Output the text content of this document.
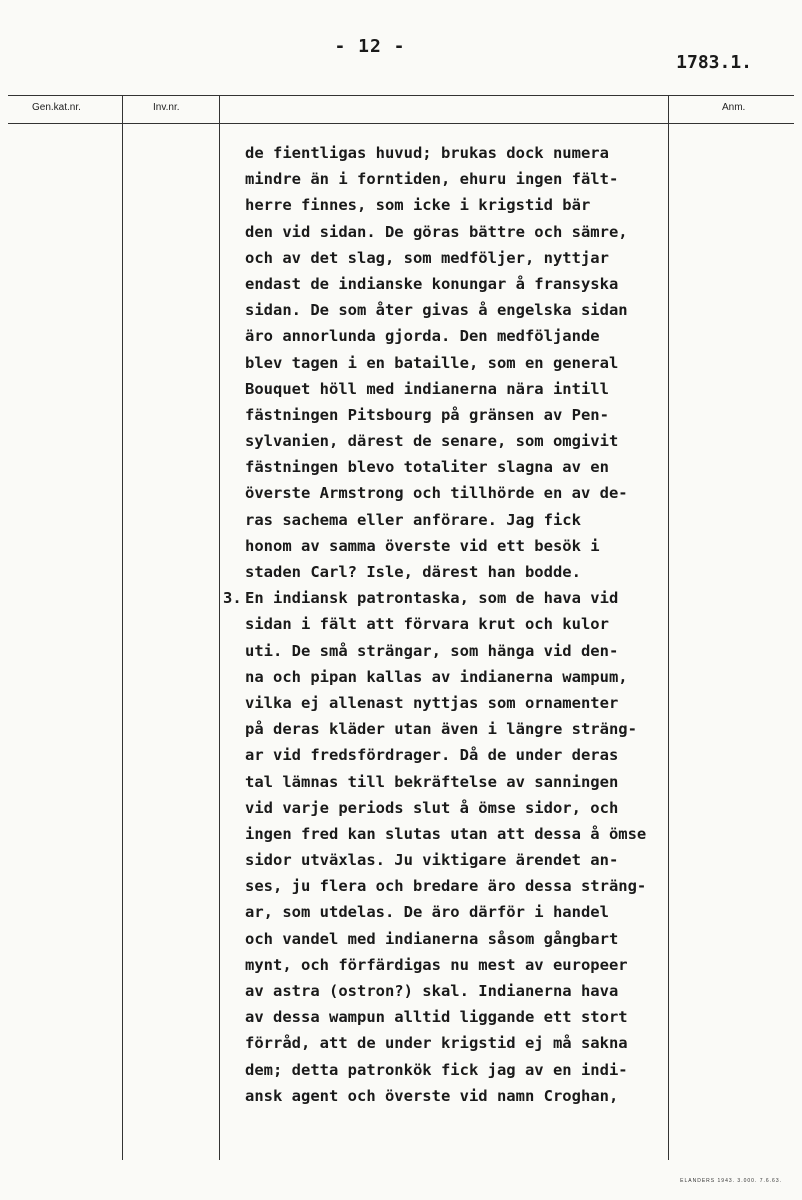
- 12 -
1783.1.
Gen.kat.nr.	Inv.nr.	Anm.
de fientligas huvud; brukas dock numera
mindre än i forntiden, ehuru ingen fält-
herre finnes, som icke i krigstid bär
den vid sidan. De göras bättre och sämre,
och av det slag, som medföljer, nyttjar
endast de indianske konungar å fransyska
sidan. De som åter givas å engelska sidan
äro annorlunda gjorda. Den medföljande
blev tagen i en bataille, som en general
Bouquet höll med indianerna nära intill
fästningen Pitsbourg på gränsen av Pen-
sylvanien, därest de senare, som omgivit
fästningen blevo totaliter slagna av en
överste Armstrong och tillhörde en av de-
ras sachema eller anförare. Jag fick
honom av samma överste vid ett besök i
staden Carl? Isle, därest han bodde.
3. En indiansk patrontaska, som de hava vid
sidan i fält att förvara krut och kulor
uti. De små strängar, som hänga vid den-
na och pipan kallas av indianerna wampum,
vilka ej allenast nyttjas som ornamenter
på deras kläder utan även i längre sträng-
ar vid fredsfördrager. Då de under deras
tal lämnas till bekräftelse av sanningen
vid varje periods slut å ömse sidor, och
ingen fred kan slutas utan att dessa å ömse
sidor utväxlas. Ju viktigare ärendet an-
ses, ju flera och bredare äro dessa sträng-
ar, som utdelas. De äro därför i handel
och vandel med indianerna såsom gångbart
mynt, och förfärdigas nu mest av europeer
av astra (ostron?) skal. Indianerna hava
av dessa wampun alltid liggande ett stort
förråd, att de under krigstid ej må sakna
dem; detta patronkök fick jag av en indi-
ansk agent och överste vid namn Croghan,
ELANDERS 1943. 3.000. 7.6.63.
